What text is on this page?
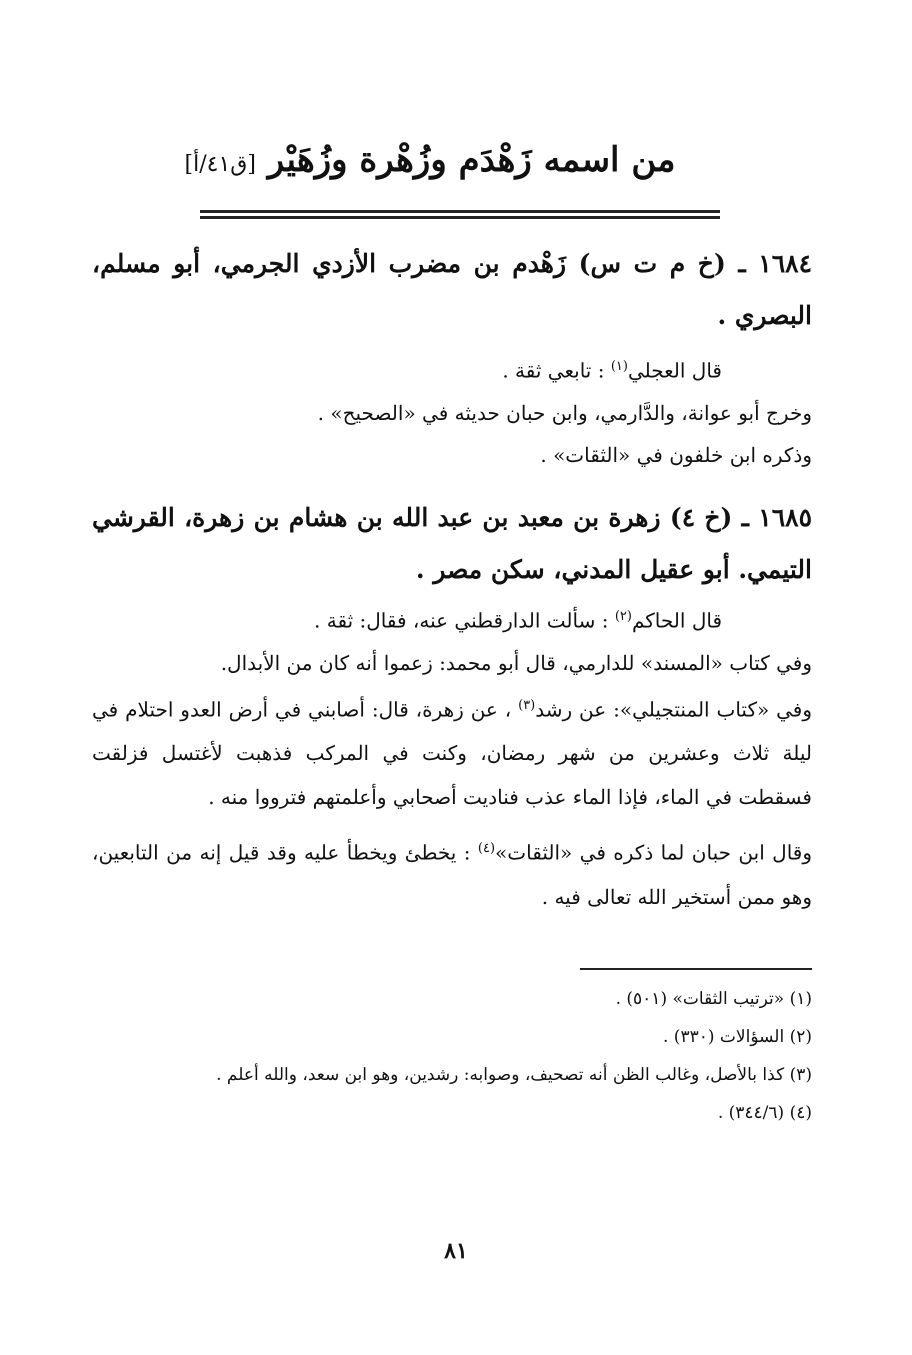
من اسمه زَهْدَم وزُهْرة وزُهَيْر [ق٤١/أ]
١٦٨٤ ـ (خ م ت س) زَهْدم بن مضرب الأزدي الجرمي، أبو مسلم، البصري .
قال العجلي$^{(١)}$ : تابعي ثقة .
وخرج أبو عوانة، والدَّارمي، وابن حبان حديثه في «الصحيح» .
وذكره ابن خلفون في «الثقات» .
١٦٨٥ ـ (خ ٤) زهرة بن معبد بن عبد الله بن هشام بن زهرة، القرشي التيمي. أبو عقيل المدني، سكن مصر .
قال الحاكم$^{(٢)}$ : سألت الدارقطني عنه، فقال: ثقة .
وفي كتاب «المسند» للدارمي، قال أبو محمد: زعموا أنه كان من الأبدال.
وفي «كتاب المنتجيلي»: عن رشد$^{(٣)}$ ، عن زهرة، قال: أصابني في أرض العدو احتلام في ليلة ثلاث وعشرين من شهر رمضان، وكنت في المركب فذهبت لأغتسل فزلقت فسقطت في الماء، فإذا الماء عذب فناديت أصحابي وأعلمتهم فترووا منه .
وقال ابن حبان لما ذكره في «الثقات»$^{(٤)}$ : يخطئ ويخطأ عليه وقد قيل إنه من التابعين، وهو ممن أستخير الله تعالى فيه .
(١) «ترتيب الثقات» (٥٠١) .
(٢) السؤالات (٣٣٠) .
(٣) كذا بالأصل، وغالب الظن أنه تصحيف، وصوابه: رشدين، وهو ابن سعد، والله أعلم .
(٤) (٣٤٤/٦) .
٨١
